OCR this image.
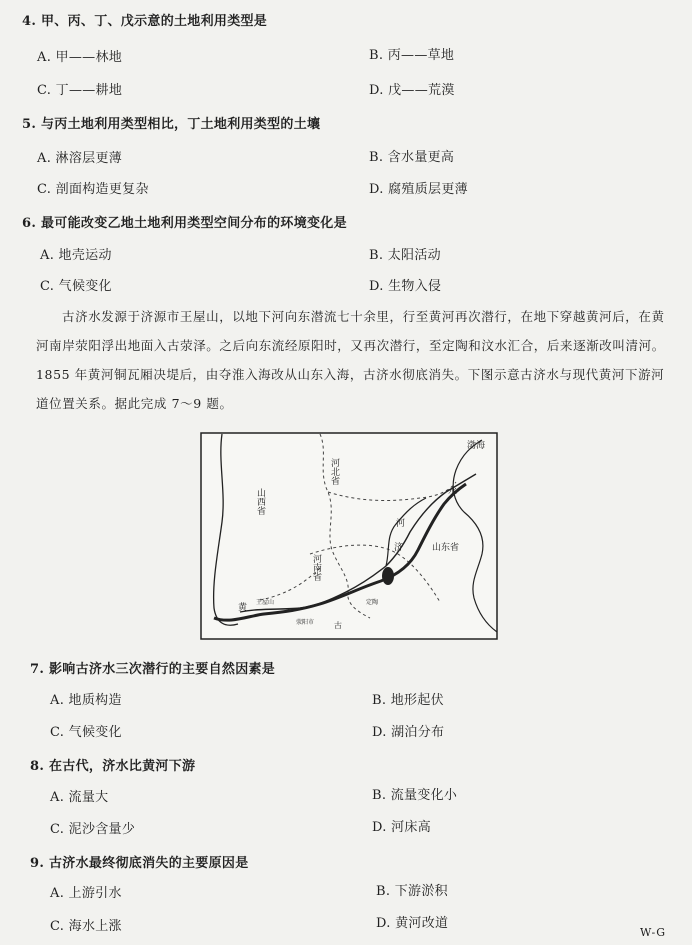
4. 甲、丙、丁、戊示意的土地利用类型是
A. 甲——林地	B. 丙——草地
C. 丁——耕地	D. 戊——荒漠
5. 与丙土地利用类型相比，丁土地利用类型的土壤
A. 淋溶层更薄	B. 含水量更高
C. 剖面构造更复杂	D. 腐殖质层更薄
6. 最可能改变乙地土地利用类型空间分布的环境变化是
A. 地壳运动	B. 太阳活动
C. 气候变化	D. 生物入侵
古济水发源于济源市王屋山，以地下河向东潜流七十余里，行至黄河再次潜行，在地下穿越黄河后，在黄河南岸荥阳浮出地面入古荥泽。之后向东流经原阳时，又再次潜行，至定陶和汶水汇合，后来逐渐改叫清河。1855 年黄河铜瓦厢决堤后，由夺淮入海改从山东入海，古济水彻底消失。下图示意古济水与现代黄河下游河道位置关系。据此完成 7～9 题。
渤海
河北省
山西省
山东省
河南省
河
济
水
黄
王屋山
荥阳市 古
定陶
7. 影响古济水三次潜行的主要自然因素是
A. 地质构造	B. 地形起伏
C. 气候变化	D. 湖泊分布
8. 在古代，济水比黄河下游
A. 流量大	B. 流量变化小
C. 泥沙含量少	D. 河床高
9. 古济水最终彻底消失的主要原因是
A. 上游引水	B. 下游淤积
C. 海水上涨	D. 黄河改道
W-G
